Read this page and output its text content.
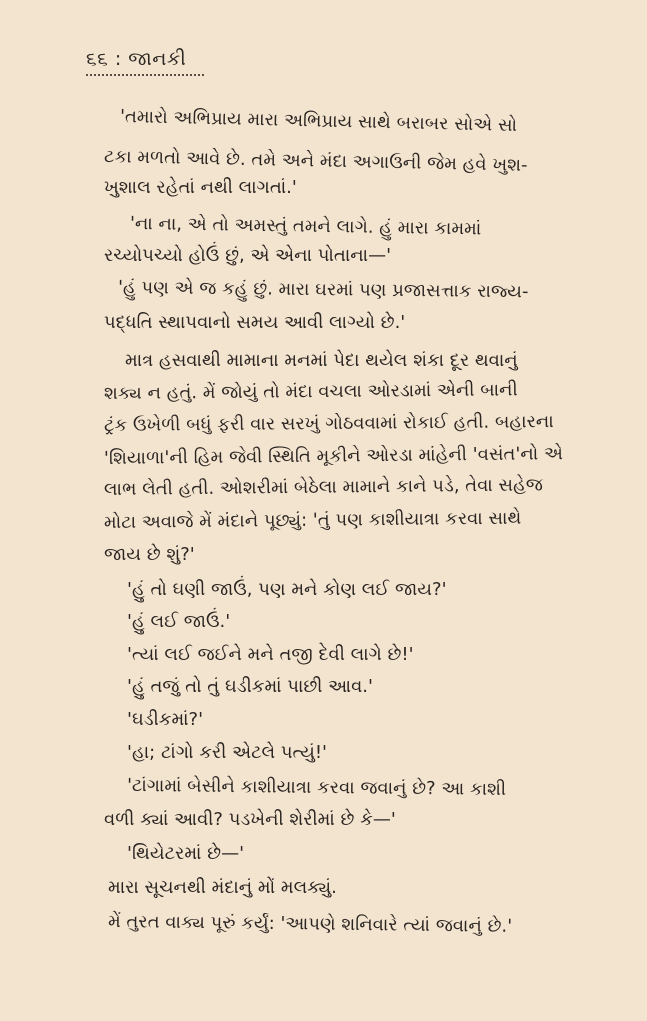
૬૬ : જાનકી
'તમારો અભિપ્રાય મારા અભિપ્રાય સાથે બરાબર સોએ સો
ટકા મળતો આવે છે. તમે અને મંદા અગાઉની જેમ હવે ખુશ-
ખુશાલ રહેતાં નથી લાગતાં.'
'ના ના, એ તો અમસ્તું તમને લાગે. હું મારા કામમાં
રચ્યોપચ્યો હોઉં છું, એ એના પોતાના—'
'હું પણ એ જ કહું છું. મારા ઘરમાં પણ પ્રજાસત્તાક રાજ્ય-
પદ્ધતિ સ્થાપવાનો સમય આવી લાગ્યો છે.'
માત્ર હસવાથી મામાના મનમાં પેદા થયેલ શંકા દૂર થવાનું
શક્ય ન હતું. મેં જોયું તો મંદા વચલા ઓરડામાં એની બાની
ટ્રંક ઉખેળી બધું ફરી વાર સરખું ગોઠવવામાં રોકાઈ હતી. બહારના
'શિયાળા'ની હિમ જેવી સ્થિતિ મૂકીને ઓરડા માંહેની 'વસંત'નો એ
લાભ લેતી હતી. ઓશરીમાં બેઠેલા મામાને કાને પડે, તેવા સહેજ
મોટા અવાજે મેં મંદાને પૂછ્યું: 'તું પણ કાશીયાત્રા કરવા સાથે
જાય છે શું?'
'હું તો ઘણી જાઉં, પણ મને કોણ લઈ જાય?'
'હું લઈ જાઉં.'
'ત્યાં લઈ જઈને મને તજી દેવી લાગે છે!'
'હું તજું તો તું ઘડીકમાં પાછી આવ.'
'ઘડીકમાં?'
'હા; ટાંગો કરી એટલે પત્યું!'
'ટાંગામાં બેસીને કાશીયાત્રા કરવા જવાનું છે? આ કાશી
વળી ક્યાં આવી? પડખેની શેરીમાં છે કે—'
'થિયેટરમાં છે—'
મારા સૂચનથી મંદાનું મોં મલક્યું.
મેં તુરત વાક્ય પૂરું કર્યું: 'આપણે શનિવારે ત્યાં જવાનું છે.'
